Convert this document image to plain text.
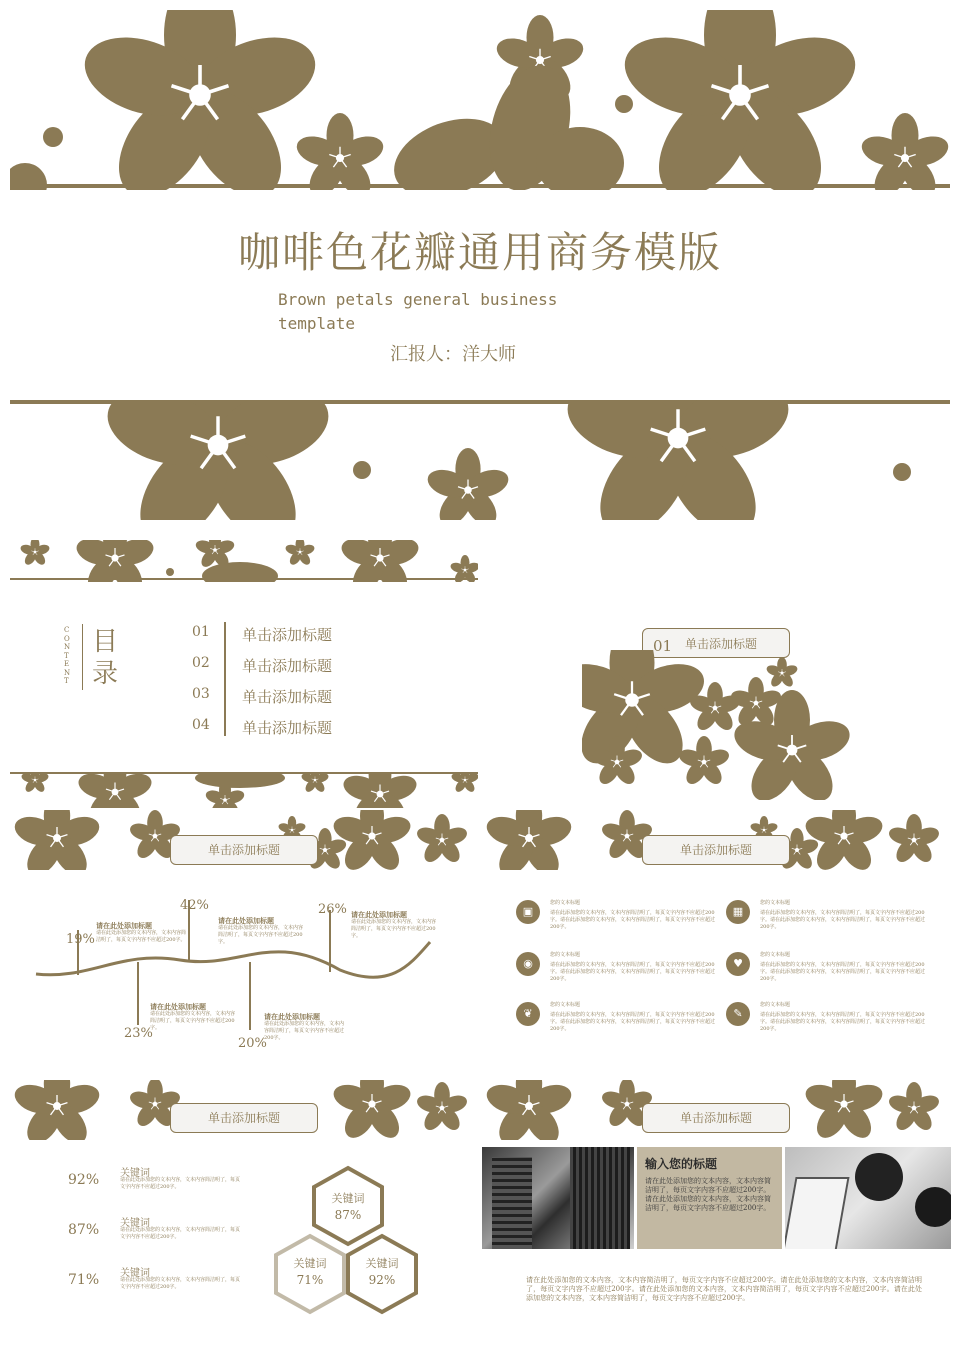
咖啡色花瓣通用商务模版
Brown petals general business
template
汇报人：洋大师
CONTENT
目录
01 单击添加标题
02 单击添加标题
03 单击添加标题
04 单击添加标题
01 单击添加标题
单击添加标题
19%
请在此处添加标题
请在此处添加您的文本内容，文本内容简洁明了，每页文字内容不应超过200字。
23%
请在此处添加标题
请在此处添加您的文本内容，文本内容简洁明了，每页文字内容不应超过200字。
42%
请在此处添加标题
请在此处添加您的文本内容，文本内容简洁明了，每页文字内容不应超过200字。
20%
请在此处添加标题
请在此处添加您的文本内容，文本内容简洁明了，每页文字内容不应超过200字。
26% 请在此处添加标题
请在此处添加您的文本内容，文本内容简洁明了，每页文字内容不应超过200字。
单击添加标题
▣
您的文本标题
请在此添加您的文本内容，文本内容简洁明了，每页文字内容不应超过200字。请在此添加您的文本内容，文本内容简洁明了，每页文字内容不应超过200字。
◉
您的文本标题
请在此添加您的文本内容，文本内容简洁明了，每页文字内容不应超过200字。请在此添加您的文本内容，文本内容简洁明了，每页文字内容不应超过200字。
❦
您的文本标题
请在此添加您的文本内容，文本内容简洁明了，每页文字内容不应超过200字。请在此添加您的文本内容，文本内容简洁明了，每页文字内容不应超过200字。
▦
您的文本标题
请在此添加您的文本内容，文本内容简洁明了，每页文字内容不应超过200字。请在此添加您的文本内容，文本内容简洁明了，每页文字内容不应超过200字。
♥
您的文本标题
请在此添加您的文本内容，文本内容简洁明了，每页文字内容不应超过200字。请在此添加您的文本内容，文本内容简洁明了，每页文字内容不应超过200字。
✎
您的文本标题
请在此添加您的文本内容，文本内容简洁明了，每页文字内容不应超过200字。请在此添加您的文本内容，文本内容简洁明了，每页文字内容不应超过200字。
单击添加标题
92% 关键词
请在此处添加您的文本内容，文本内容简洁明了，每页文字内容不应超过200字。
87% 关键词
请在此处添加您的文本内容，文本内容简洁明了，每页文字内容不应超过200字。
71% 关键词
请在此处添加您的文本内容，文本内容简洁明了，每页文字内容不应超过200字。
关键词
87%
关键词
71%
关键词
92%
单击添加标题
输入您的标题
请在此处添加您的文本内容，文本内容简洁明了，每页文字内容不应超过200字。请在此处添加您的文本内容，文本内容简洁明了，每页文字内容不应超过200字。
请在此处添加您的文本内容，文本内容简洁明了，每页文字内容不应超过200字。请在此处添加您的文本内容，文本内容简洁明了，每页文字内容不应超过200字。请在此处添加您的文本内容，文本内容简洁明了，每页文字内容不应超过200字。请在此处添加您的文本内容，文本内容简洁明了，每页文字内容不应超过200字。
